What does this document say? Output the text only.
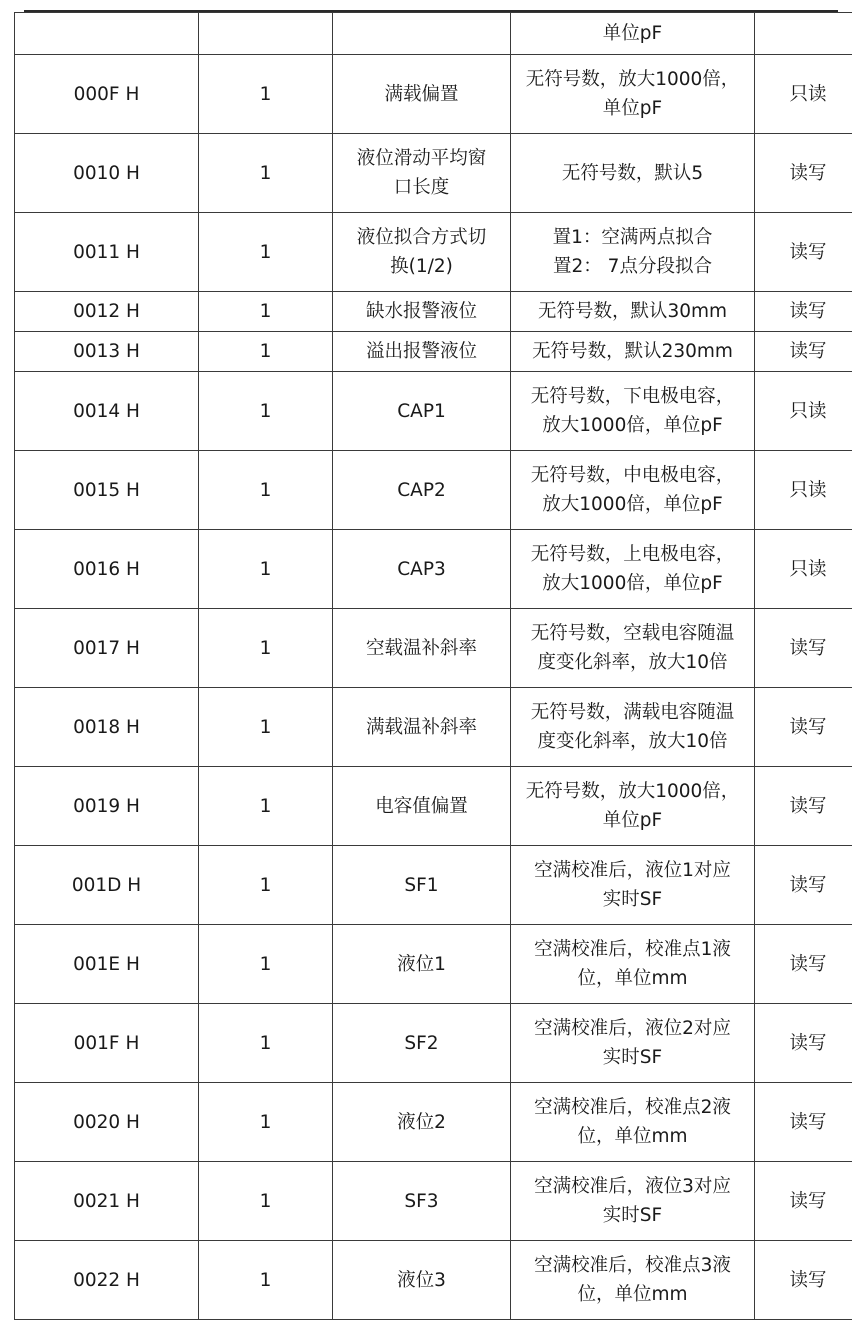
			单位pF	

000F H	1	满载偏置	无符号数，放大1000倍，
单位pF	只读
0010 H	1	液位滑动平均窗
口长度	无符号数，默认5	读写
0011 H	1	液位拟合方式切
换(1/2)	置1：空满两点拟合
置2： 7点分段拟合	读写
0012 H	1	缺水报警液位	无符号数，默认30mm	读写
0013 H	1	溢出报警液位	无符号数，默认230mm	读写
0014 H	1	CAP1	无符号数，下电极电容，
放大1000倍，单位pF	只读
0015 H	1	CAP2	无符号数，中电极电容，
放大1000倍，单位pF	只读
0016 H	1	CAP3	无符号数，上电极电容，
放大1000倍，单位pF	只读
0017 H	1	空载温补斜率	无符号数，空载电容随温
度变化斜率，放大10倍	读写
0018 H	1	满载温补斜率	无符号数，满载电容随温
度变化斜率，放大10倍	读写
0019 H	1	电容值偏置	无符号数，放大1000倍，
单位pF	读写
001D H	1	SF1	空满校准后，液位1对应
实时SF	读写
001E H	1	液位1	空满校准后，校准点1液
位，单位mm	读写
001F H	1	SF2	空满校准后，液位2对应
实时SF	读写
0020 H	1	液位2	空满校准后，校准点2液
位，单位mm	读写
0021 H	1	SF3	空满校准后，液位3对应
实时SF	读写
0022 H	1	液位3	空满校准后，校准点3液
位，单位mm	读写
